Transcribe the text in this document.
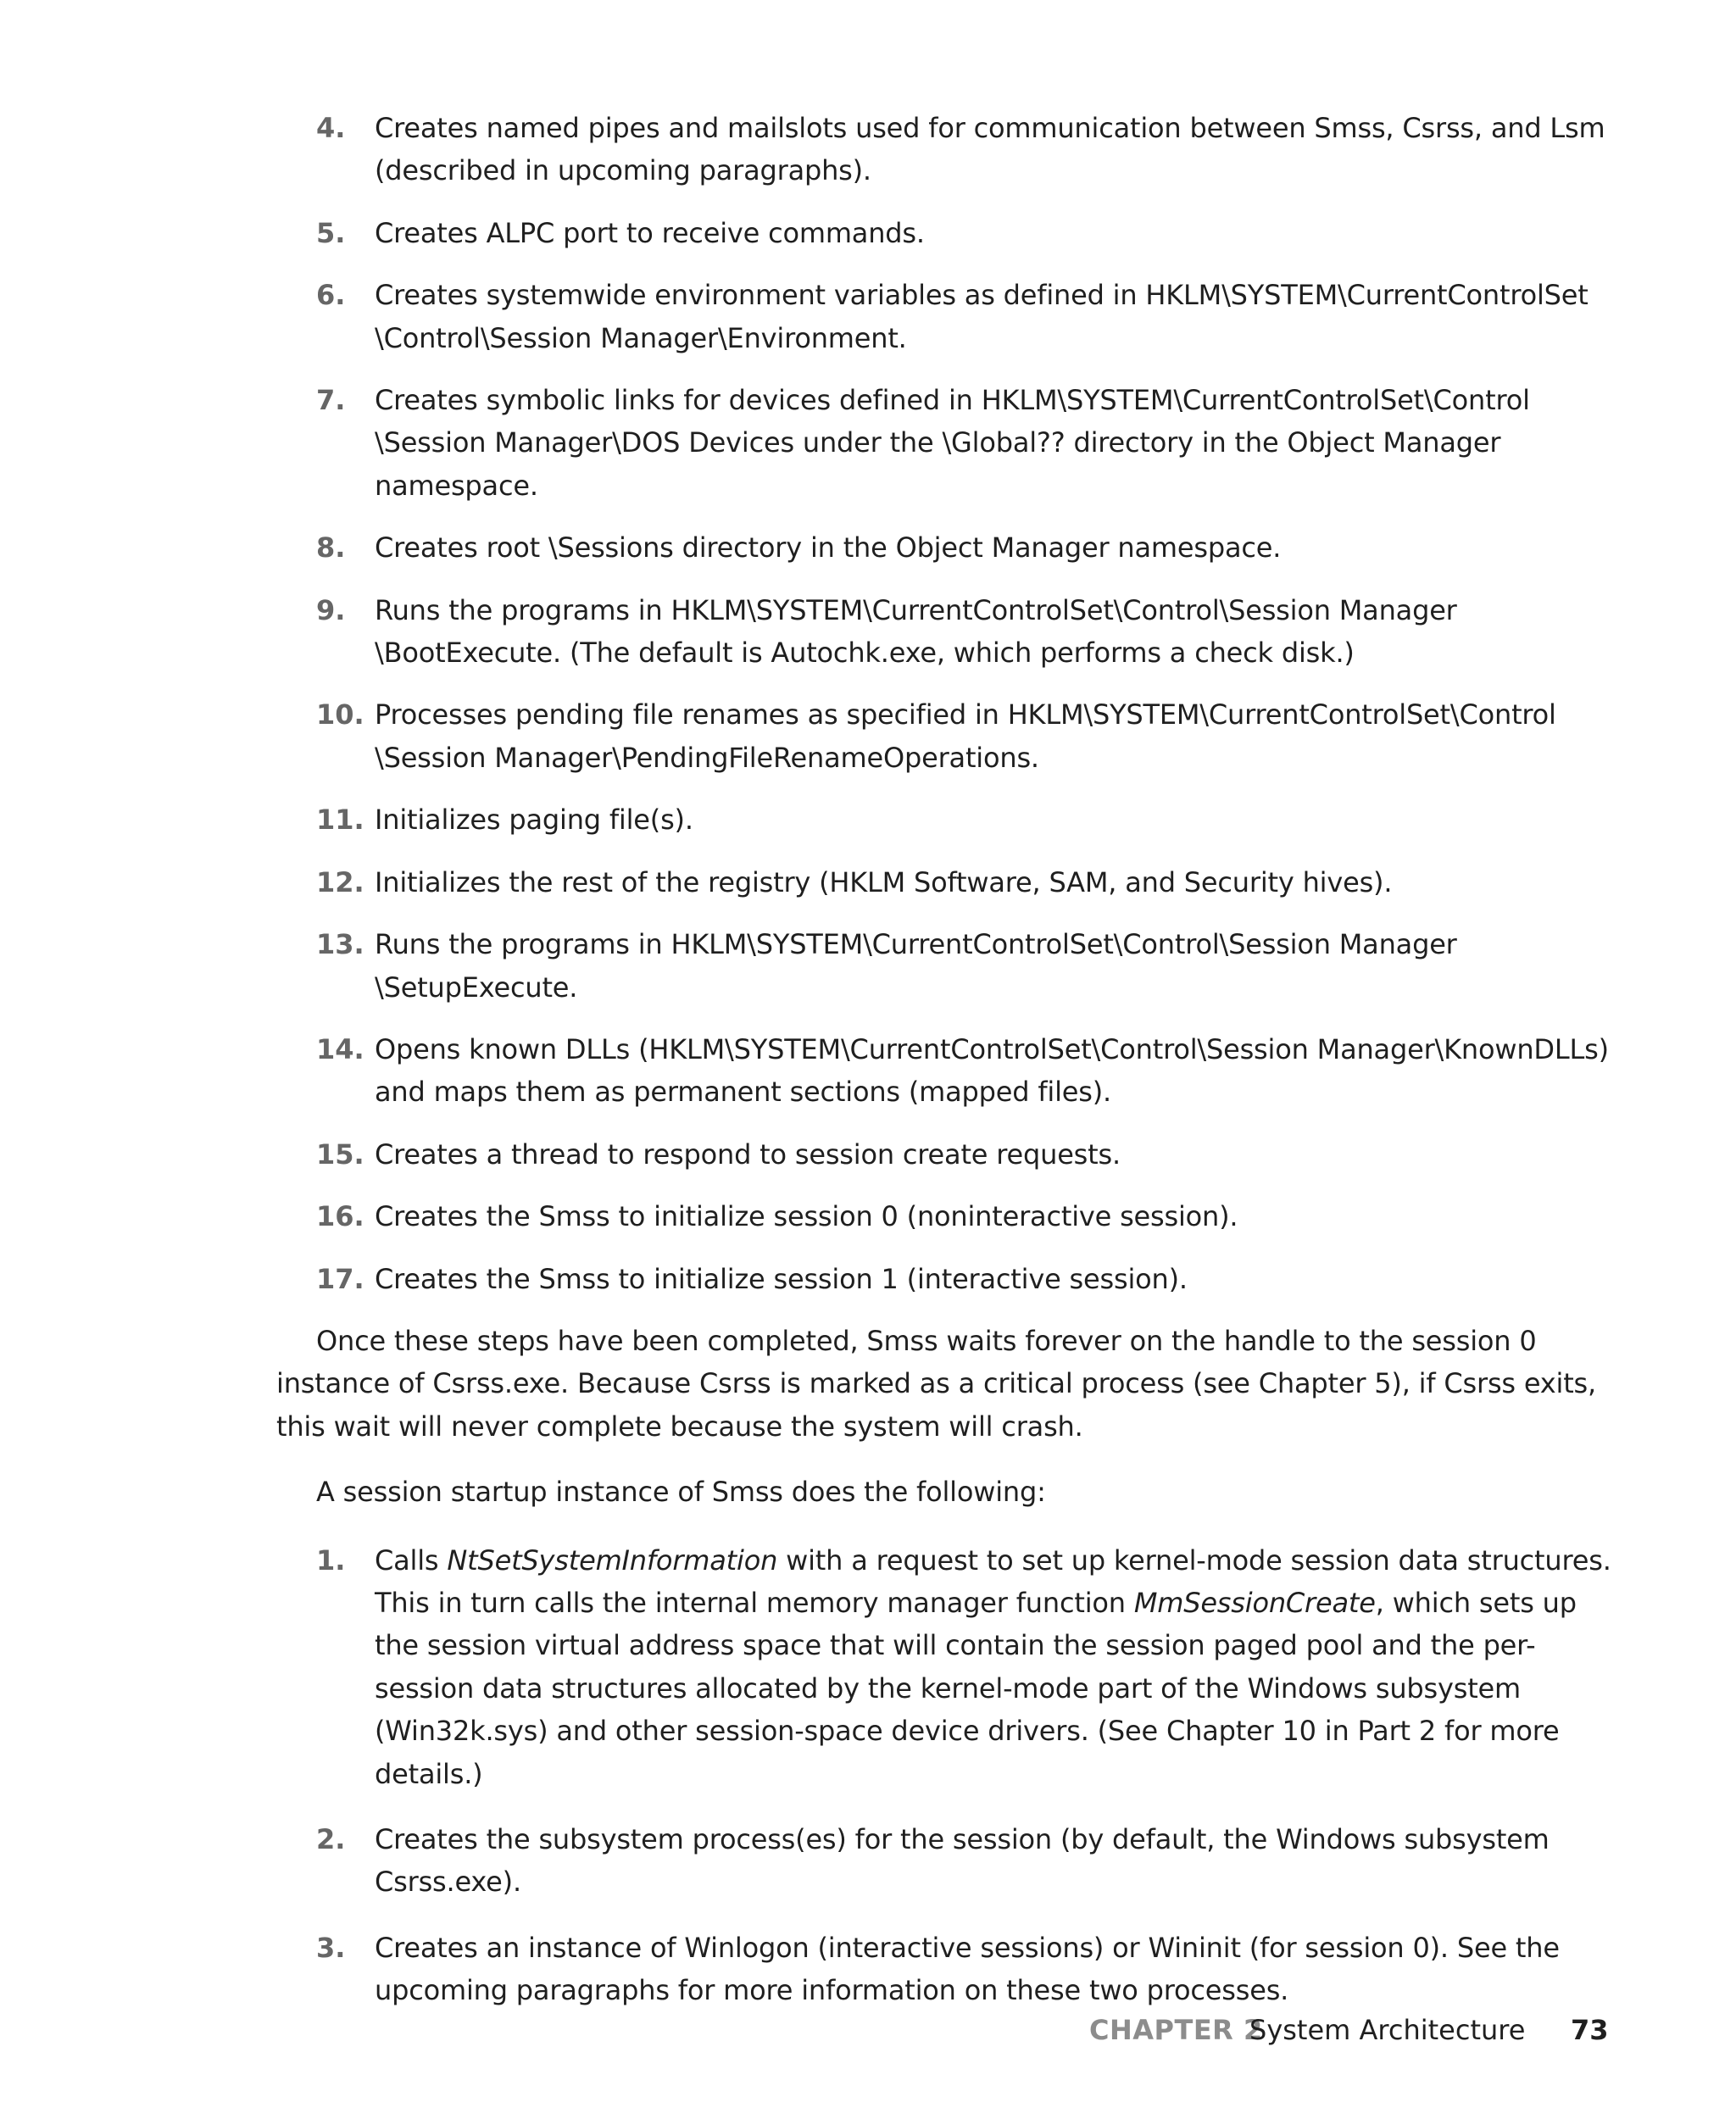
4. Creates named pipes and mailslots used for communication between Smss, Csrss, and Lsm (described in upcoming paragraphs).
5. Creates ALPC port to receive commands.
6. Creates systemwide environment variables as defined in HKLM\SYSTEM\CurrentControlSet \Control\Session Manager\Environment.
7. Creates symbolic links for devices defined in HKLM\SYSTEM\CurrentControlSet\Control \Session Manager\DOS Devices under the \Global?? directory in the Object Manager namespace.
8. Creates root \Sessions directory in the Object Manager namespace.
9. Runs the programs in HKLM\SYSTEM\CurrentControlSet\Control\Session Manager \BootExecute. (The default is Autochk.exe, which performs a check disk.)
10. Processes pending file renames as specified in HKLM\SYSTEM\CurrentControlSet\Control \Session Manager\PendingFileRenameOperations.
11. Initializes paging file(s).
12. Initializes the rest of the registry (HKLM Software, SAM, and Security hives).
13. Runs the programs in HKLM\SYSTEM\CurrentControlSet\Control\Session Manager \SetupExecute.
14. Opens known DLLs (HKLM\SYSTEM\CurrentControlSet\Control\Session Manager\KnownDLLs) and maps them as permanent sections (mapped files).
15. Creates a thread to respond to session create requests.
16. Creates the Smss to initialize session 0 (noninteractive session).
17. Creates the Smss to initialize session 1 (interactive session).

Once these steps have been completed, Smss waits forever on the handle to the session 0 instance of Csrss.exe. Because Csrss is marked as a critical process (see Chapter 5), if Csrss exits, this wait will never complete because the system will crash.

A session startup instance of Smss does the following:

1. Calls NtSetSystemInformation with a request to set up kernel-mode session data structures. This in turn calls the internal memory manager function MmSessionCreate, which sets up the session virtual address space that will contain the session paged pool and the per-session data structures allocated by the kernel-mode part of the Windows subsystem (Win32k.sys) and other session-space device drivers. (See Chapter 10 in Part 2 for more details.)
2. Creates the subsystem process(es) for the session (by default, the Windows subsystem Csrss.exe).
3. Creates an instance of Winlogon (interactive sessions) or Wininit (for session 0). See the upcoming paragraphs for more information on these two processes.
CHAPTER 2
System Architecture 73
